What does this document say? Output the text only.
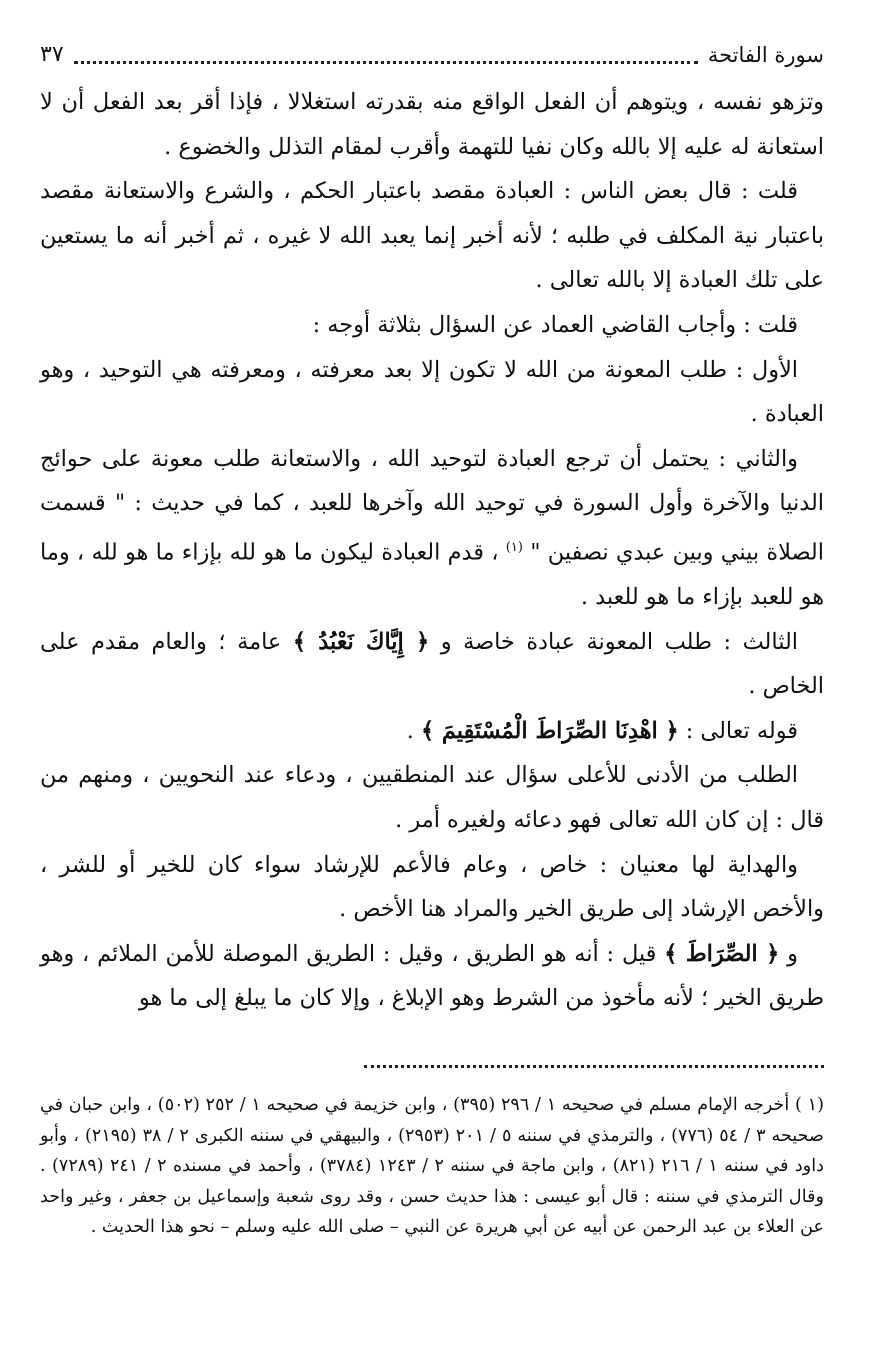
سورة الفاتحة
٣٧

وتزهو نفسه ، ويتوهم أن الفعل الواقع منه بقدرته استغلالا ، فإذا أقر بعد الفعل أن لا استعانة له عليه إلا بالله وكان نفيا للتهمة وأقرب لمقام التذلل والخضوع .

قلت : قال بعض الناس : العبادة مقصد باعتبار الحكم ، والشرع والاستعانة مقصد باعتبار نية المكلف في طلبه ؛ لأنه أخبر إنما يعبد الله لا غيره ، ثم أخبر أنه ما يستعين على تلك العبادة إلا بالله تعالى .

قلت : وأجاب القاضي العماد عن السؤال بثلاثة أوجه :

الأول : طلب المعونة من الله لا تكون إلا بعد معرفته ، ومعرفته هي التوحيد ، وهو العبادة .

والثاني : يحتمل أن ترجع العبادة لتوحيد الله ، والاستعانة طلب معونة على حوائج الدنيا والآخرة وأول السورة في توحيد الله وآخرها للعبد ، كما في حديث : " قسمت الصلاة بيني وبين عبدي نصفين " $^{(١)}$ ، قدم العبادة ليكون ما هو لله بإزاء ما هو لله ، وما هو للعبد بإزاء ما هو للعبد .

الثالث : طلب المعونة عبادة خاصة و ﴿ إِيَّاكَ نَعْبُدُ ﴾ عامة ؛ والعام مقدم على الخاص .

قوله تعالى : ﴿ اهْدِنَا الصِّرَاطَ الْمُسْتَقِيمَ ﴾ .

الطلب من الأدنى للأعلى سؤال عند المنطقيين ، ودعاء عند النحويين ، ومنهم من قال : إن كان الله تعالى فهو دعائه ولغيره أمر .

والهداية لها معنيان : خاص ، وعام فالأعم للإرشاد سواء كان للخير أو للشر ، والأخص الإرشاد إلى طريق الخير والمراد هنا الأخص .

و ﴿ الصِّرَاطَ ﴾ قيل : أنه هو الطريق ، وقيل : الطريق الموصلة للأمن الملائم ، وهو طريق الخير ؛ لأنه مأخوذ من الشرط وهو الإبلاغ ، وإلا كان ما يبلغ إلى ما هو

(١ ) أخرجه الإمام مسلم في صحيحه ١ / ٢٩٦ (٣٩٥) ، وابن خزيمة في صحيحه ١ / ٢٥٢ (٥٠٢) ، وابن حبان في صحيحه ٣ / ٥٤ (٧٧٦) ، والترمذي في سننه ٥ / ٢٠١ (٢٩٥٣) ، والبيهقي في سننه الكبرى ٢ / ٣٨ (٢١٩٥) ، وأبو داود في سننه ١ / ٢١٦ (٨٢١) ، وابن ماجة في سننه ٢ / ١٢٤٣ (٣٧٨٤) ، وأحمد في مسنده ٢ / ٢٤١ (٧٢٨٩) . وقال الترمذي في سننه : قال أبو عيسى : هذا حديث حسن ، وقد روى شعبة وإسماعيل بن جعفر ، وغير واحد عن العلاء بن عبد الرحمن عن أبيه عن أبي هريرة عن النبي – صلى الله عليه وسلم – نحو هذا الحديث .
